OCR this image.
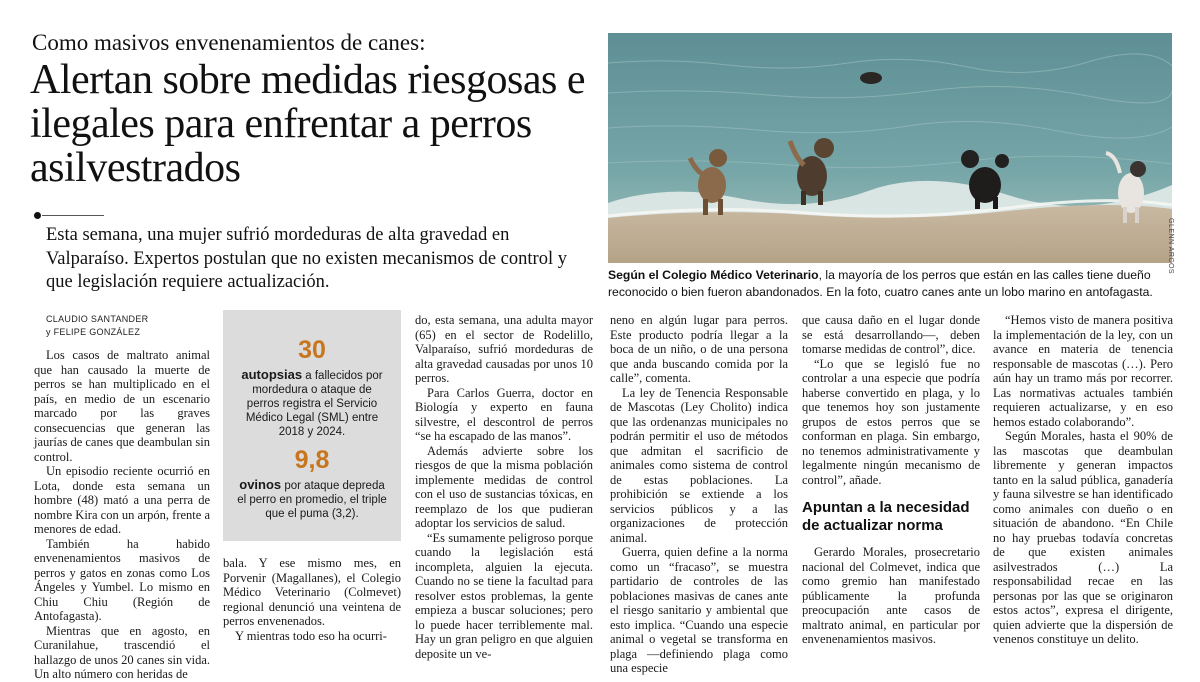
Como masivos envenenamientos de canes:
Alertan sobre medidas riesgosas e ilegales para enfrentar a perros asilvestrados
Esta semana, una mujer sufrió mordeduras de alta gravedad en Valparaíso. Expertos postulan que no existen mecanismos de control y que legislación requiere actualización.
GLENN ARCOS
Según el Colegio Médico Veterinario, la mayoría de los perros que están en las calles tiene dueño reconocido o bien fueron abandonados. En la foto, cuatro canes ante un lobo marino en antofagasta.
CLAUDIO SANTANDER
y FELIPE GONZÁLEZ

Los casos de maltrato animal que han causado la muerte de perros se han multiplicado en el país, en medio de un escenario marcado por las graves consecuencias que generan las jaurías de canes que deambulan sin control.

Un episodio reciente ocurrió en Lota, donde esta semana un hombre (48) mató a una perra de nombre Kira con un arpón, frente a menores de edad.

También ha habido envenenamientos masivos de perros y gatos en zonas como Los Ángeles y Yumbel. Lo mismo en Chiu Chiu (Región de Antofagasta).

Mientras que en agosto, en Curanilahue, trascendió el hallazgo de unos 20 canes sin vida. Un alto número con heridas de

30
autopsias a fallecidos por mordedura o ataque de perros registra el Servicio Médico Legal (SML) entre 2018 y 2024.
9,8
ovinos por ataque depreda el perro en promedio, el triple que el puma (3,2).

bala. Y ese mismo mes, en Porvenir (Magallanes), el Colegio Médico Veterinario (Colmevet) regional denunció una veintena de perros envenenados.

Y mientras todo eso ha ocurri-

do, esta semana, una adulta mayor (65) en el sector de Rodelillo, Valparaíso, sufrió mordeduras de alta gravedad causadas por unos 10 perros.

Para Carlos Guerra, doctor en Biología y experto en fauna silvestre, el descontrol de perros “se ha escapado de las manos”.

Además advierte sobre los riesgos de que la misma población implemente medidas de control con el uso de sustancias tóxicas, en reemplazo de los que pudieran adoptar los servicios de salud.

“Es sumamente peligroso porque cuando la legislación está incompleta, alguien la ejecuta. Cuando no se tiene la facultad para resolver estos problemas, la gente empieza a buscar soluciones; pero lo puede hacer terriblemente mal. Hay un gran peligro en que alguien deposite un ve-

neno en algún lugar para perros. Este producto podría llegar a la boca de un niño, o de una persona que anda buscando comida por la calle”, comenta.

La ley de Tenencia Responsable de Mascotas (Ley Cholito) indica que las ordenanzas municipales no podrán permitir el uso de métodos que admitan el sacrificio de animales como sistema de control de estas poblaciones. La prohibición se extiende a los servicios públicos y a las organizaciones de protección animal.

Guerra, quien define a la norma como un “fracaso”, se muestra partidario de controles de las poblaciones masivas de canes ante el riesgo sanitario y ambiental que esto implica. “Cuando una especie animal o vegetal se transforma en plaga —definiendo plaga como una especie

que causa daño en el lugar donde se está desarrollando—, deben tomarse medidas de control”, dice.

“Lo que se legisló fue no controlar a una especie que podría haberse convertido en plaga, y lo que tenemos hoy son justamente grupos de estos perros que se conforman en plaga. Sin embargo, no tenemos administrativamente y legalmente ningún mecanismo de control”, añade.

Apuntan a la necesidad de actualizar norma

Gerardo Morales, prosecretario nacional del Colmevet, indica que como gremio han manifestado públicamente la profunda preocupación ante casos de maltrato animal, en particular por envenenamientos masivos.

“Hemos visto de manera positiva la implementación de la ley, con un avance en materia de tenencia responsable de mascotas (…). Pero aún hay un tramo más por recorrer. Las normativas actuales también requieren actualizarse, y en eso hemos estado colaborando”.

Según Morales, hasta el 90% de las mascotas que deambulan libremente y generan impactos tanto en la salud pública, ganadería y fauna silvestre se han identificado como animales con dueño o en situación de abandono. “En Chile no hay pruebas todavía concretas de que existen animales asilvestrados (…) La responsabilidad recae en las personas por las que se originaron estos actos”, expresa el dirigente, quien advierte que la dispersión de venenos constituye un delito.
